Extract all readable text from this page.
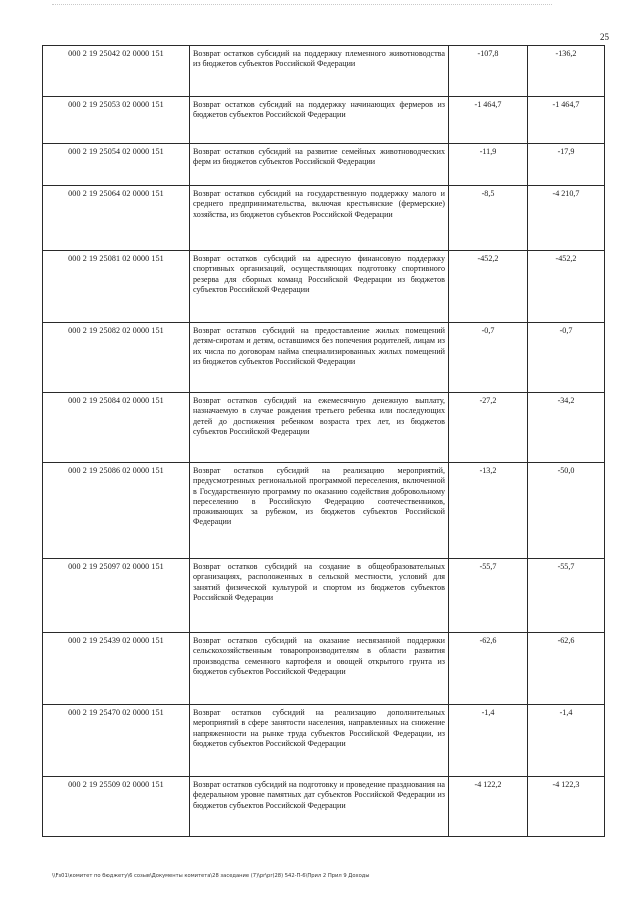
25
000 2 19 25042 02 0000 151	Возврат остатков субсидий на поддержку племенного животноводства из бюджетов субъектов Российской Федерации	-107,8	-136,2
000 2 19 25053 02 0000 151	Возврат остатков субсидий на поддержку начинающих фермеров из бюджетов субъектов Российской Федерации	-1 464,7	-1 464,7
000 2 19 25054 02 0000 151	Возврат остатков субсидий на развитие семейных животноводческих ферм из бюджетов субъектов Российской Федерации	-11,9	-17,9
000 2 19 25064 02 0000 151	Возврат остатков субсидий на государственную поддержку малого и среднего предпринимательства, включая крестьянские (фермерские) хозяйства, из бюджетов субъектов Российской Федерации	-8,5	-4 210,7
000 2 19 25081 02 0000 151	Возврат остатков субсидий на адресную финансовую поддержку спортивных организаций, осуществляющих подготовку спортивного резерва для сборных команд Российской Федерации из бюджетов субъектов Российской Федерации	-452,2	-452,2
000 2 19 25082 02 0000 151	Возврат остатков субсидий на предоставление жилых помещений детям-сиротам и детям, оставшимся без попечения родителей, лицам из их числа по договорам найма специализированных жилых помещений из бюджетов субъектов Российской Федерации	-0,7	-0,7
000 2 19 25084 02 0000 151	Возврат остатков субсидий на ежемесячную денежную выплату, назначаемую в случае рождения третьего ребенка или последующих детей до достижения ребенком возраста трех лет, из бюджетов субъектов Российской Федерации	-27,2	-34,2
000 2 19 25086 02 0000 151	Возврат остатков субсидий на реализацию мероприятий, предусмотренных региональной программой переселения, включенной в Государственную программу по оказанию содействия добровольному переселению в Российскую Федерацию соотечественников, проживающих за рубежом, из бюджетов субъектов Российской Федерации	-13,2	-50,0
000 2 19 25097 02 0000 151	Возврат остатков субсидий на создание в общеобразовательных организациях, расположенных в сельской местности, условий для занятий физической культурой и спортом из бюджетов субъектов Российской Федерации	-55,7	-55,7
000 2 19 25439 02 0000 151	Возврат остатков субсидий на оказание несвязанной поддержки сельскохозяйственным товаропроизводителям в области развития производства семенного картофеля и овощей открытого грунта из бюджетов субъектов Российской Федерации	-62,6	-62,6
000 2 19 25470 02 0000 151	Возврат остатков субсидий на реализацию дополнительных мероприятий в сфере занятости населения, направленных на снижение напряженности на рынке труда субъектов Российской Федерации, из бюджетов субъектов Российской Федерации	-1,4	-1,4
000 2 19 25509 02 0000 151	Возврат остатков субсидий на подготовку и проведение празднования на федеральном уровне памятных дат субъектов Российской Федерации из бюджетов субъектов Российской Федерации	-4 122,2	-4 122,3
\\Fs01\комитет по бюджету\6 созыв\Документы комитета\28 заседание (7)\pr\pr(28) 542-П-6\Прил 2 Прил 9 Доходы
